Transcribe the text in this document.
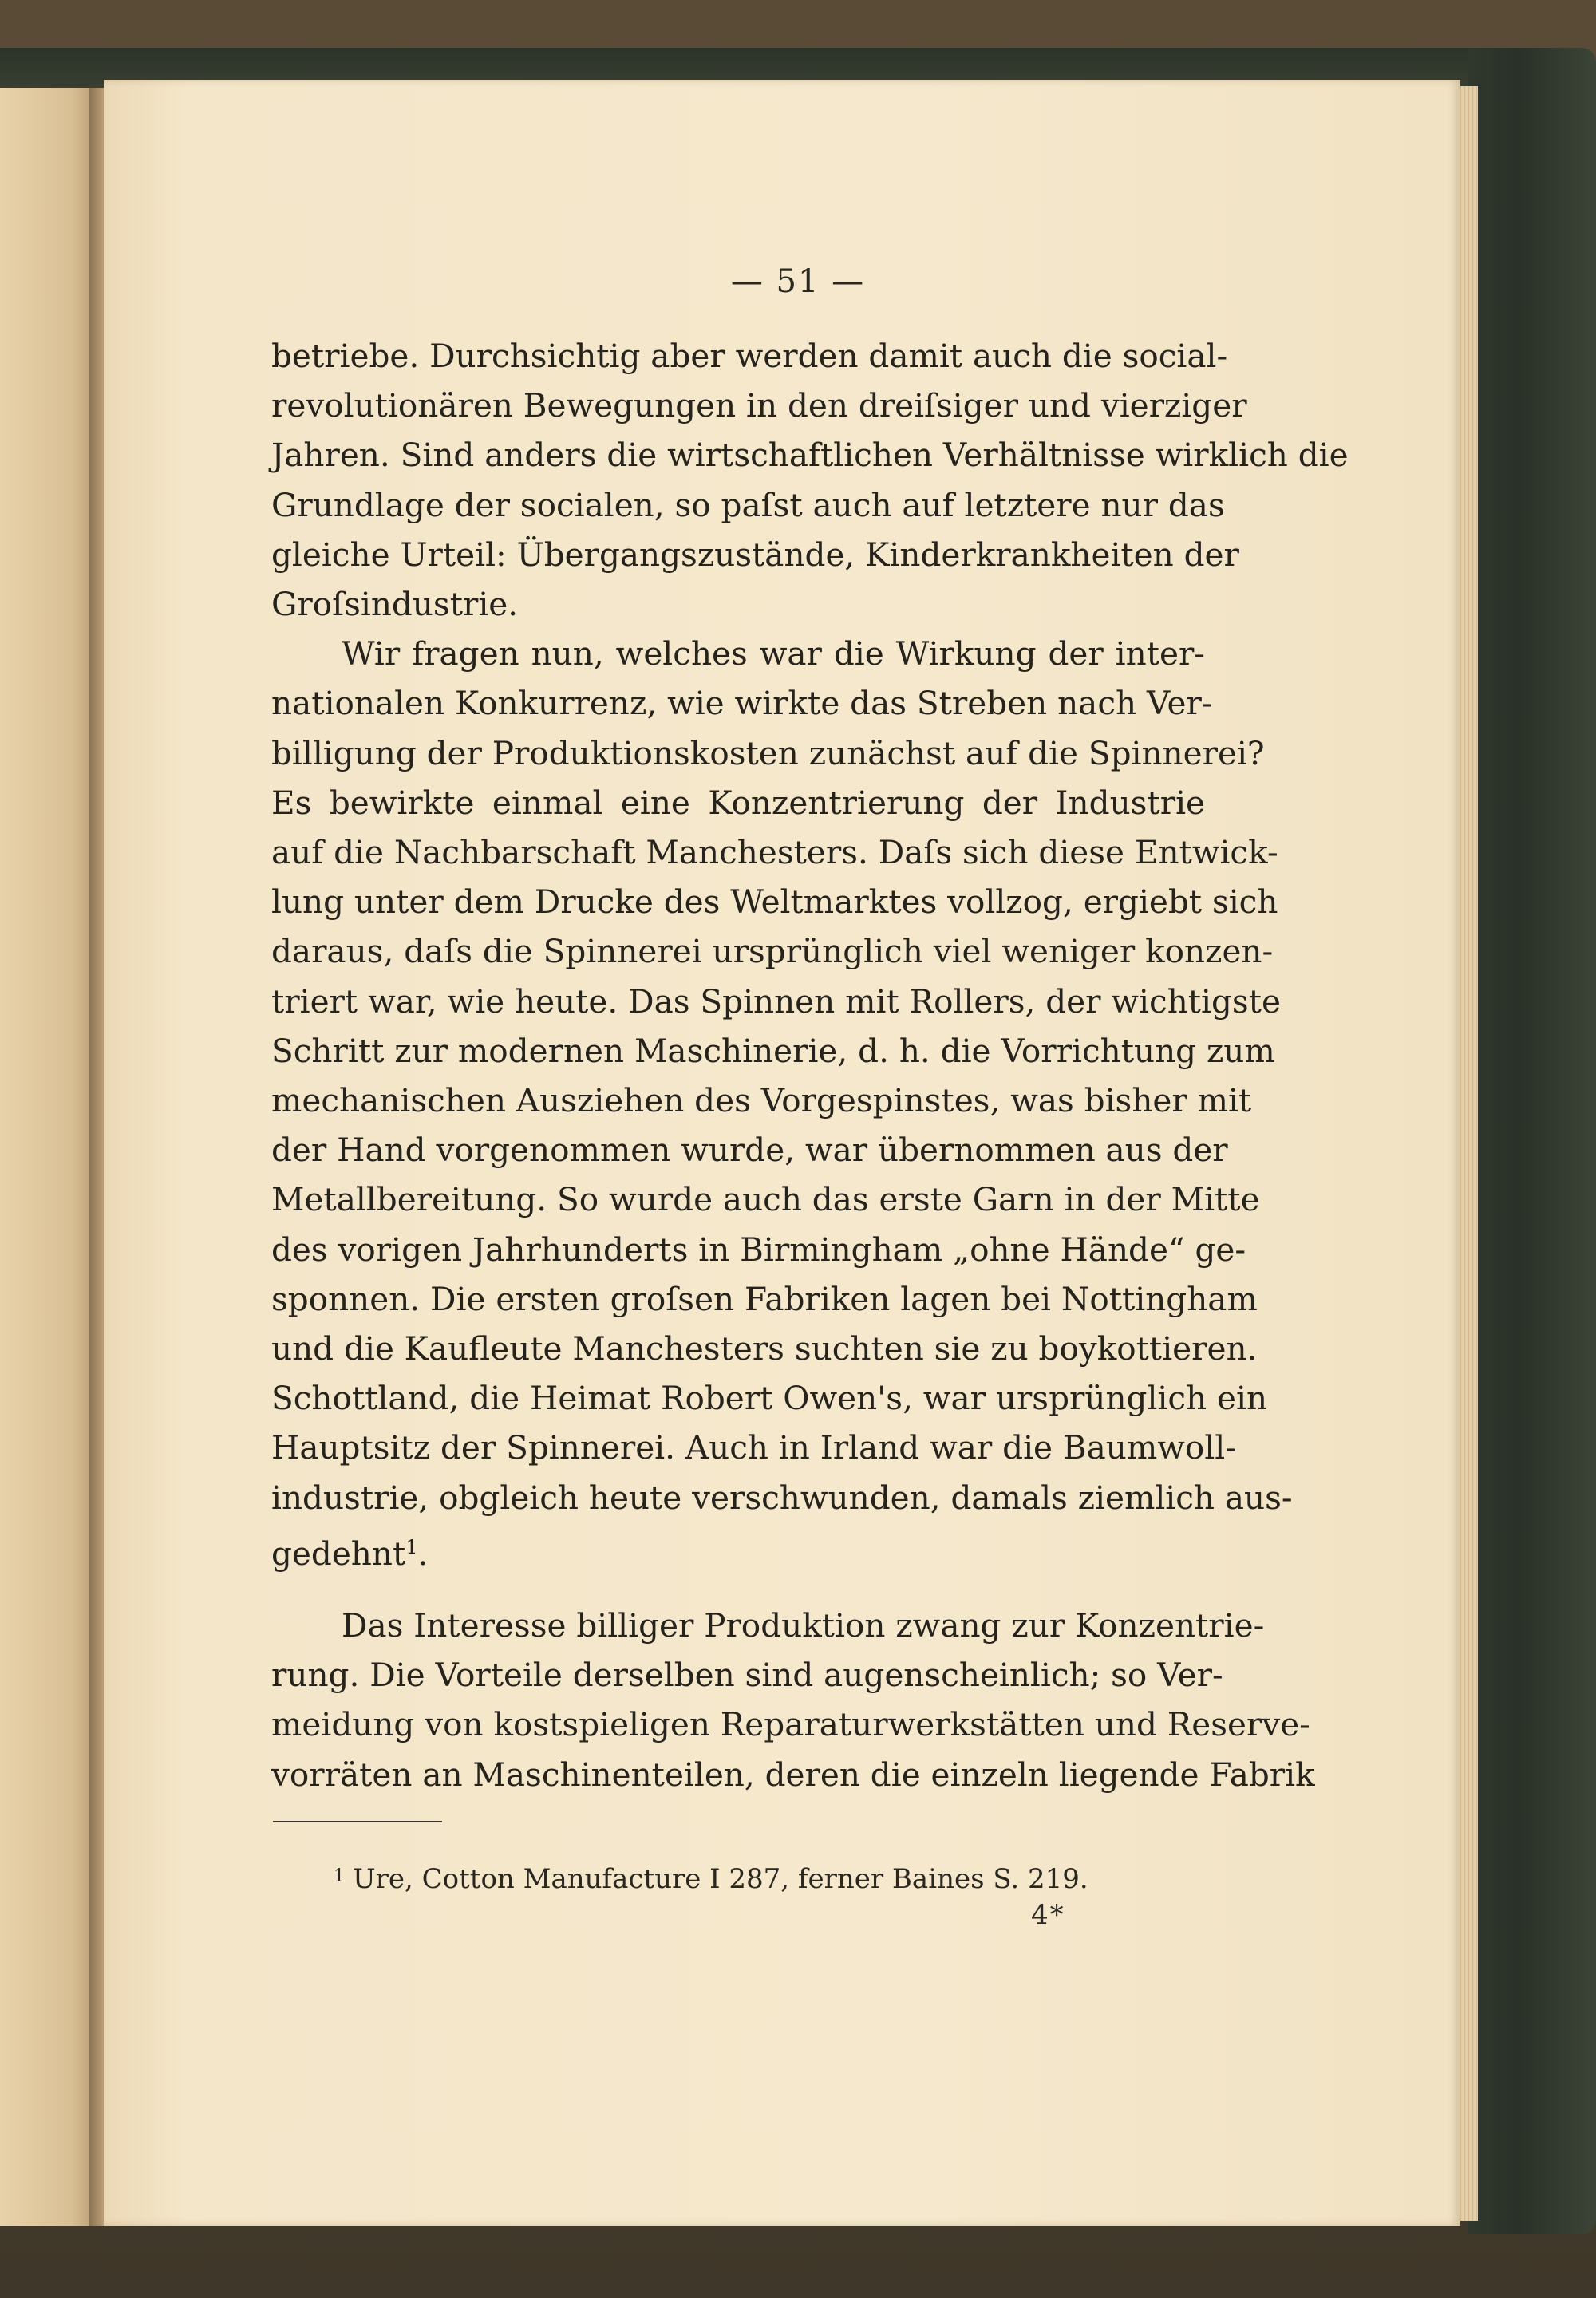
— 51 —

betriebe. Durchsichtig aber werden damit auch die social-
revolutionären Bewegungen in den dreiſsiger und vierziger
Jahren. Sind anders die wirtschaftlichen Verhältnisse wirklich die
Grundlage der socialen, so paſst auch auf letztere nur das
gleiche Urteil: Übergangszustände, Kinderkrankheiten der
Groſsindustrie.

Wir fragen nun, welches war die Wirkung der inter-
nationalen Konkurrenz, wie wirkte das Streben nach Ver-
billigung der Produktionskosten zunächst auf die Spinnerei?
Es bewirkte einmal eine Konzentrierung der Industrie
auf die Nachbarschaft Manchesters. Daſs sich diese Entwick-
lung unter dem Drucke des Weltmarktes vollzog, ergiebt sich
daraus, daſs die Spinnerei ursprünglich viel weniger konzen-
triert war, wie heute. Das Spinnen mit Rollers, der wichtigste
Schritt zur modernen Maschinerie, d. h. die Vorrichtung zum
mechanischen Ausziehen des Vorgespinstes, was bisher mit
der Hand vorgenommen wurde, war übernommen aus der
Metallbereitung. So wurde auch das erste Garn in der Mitte
des vorigen Jahrhunderts in Birmingham „ohne Hände“ ge-
sponnen. Die ersten groſsen Fabriken lagen bei Nottingham
und die Kaufleute Manchesters suchten sie zu boykottieren.
Schottland, die Heimat Robert Owen's, war ursprünglich ein
Hauptsitz der Spinnerei. Auch in Irland war die Baumwoll-
industrie, obgleich heute verschwunden, damals ziemlich aus-
gedehnt$^1$.

Das Interesse billiger Produktion zwang zur Konzentrie-
rung. Die Vorteile derselben sind augenscheinlich; so Ver-
meidung von kostspieligen Reparaturwerkstätten und Reserve-
vorräten an Maschinenteilen, deren die einzeln liegende Fabrik

$^1$ Ure, Cotton Manufacture I 287, ferner Baines S. 219.
4*
